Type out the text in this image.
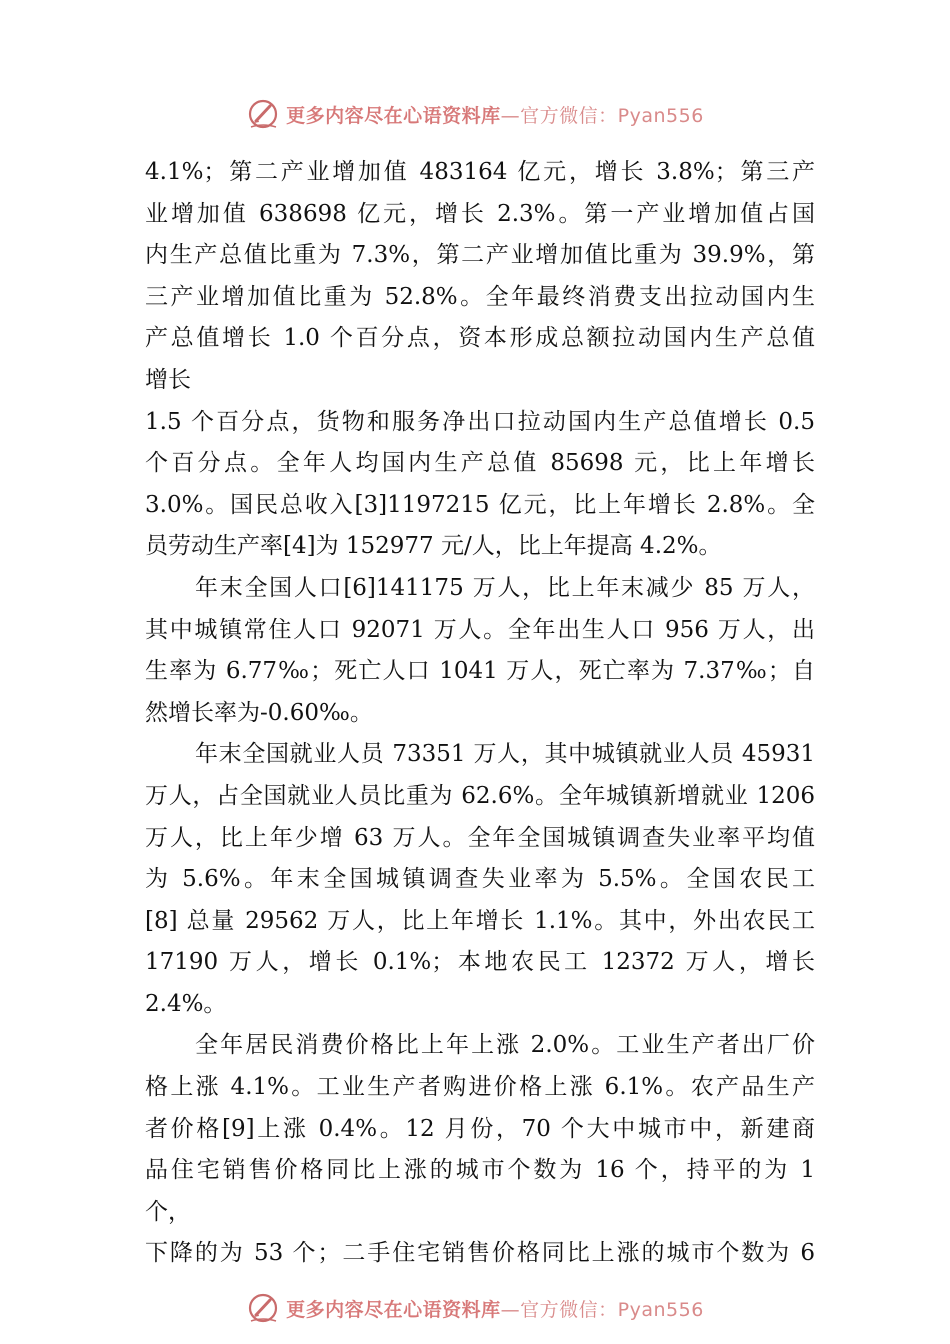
更多内容尽在心语资料库—官方微信：Pyan556
4.1%；第二产业增加值 483164 亿元，增长 3.8%；第三产
业增加值 638698 亿元，增长 2.3%。第一产业增加值占国
内生产总值比重为 7.3%，第二产业增加值比重为 39.9%，第
三产业增加值比重为 52.8%。全年最终消费支出拉动国内生
产总值增长 1.0 个百分点，资本形成总额拉动国内生产总值
增长
1.5 个百分点，货物和服务净出口拉动国内生产总值增长 0.5
个百分点。全年人均国内生产总值 85698 元，比上年增长
3.0%。国民总收入[3]1197215 亿元，比上年增长 2.8%。全
员劳动生产率[4]为 152977 元/人，比上年提高 4.2%。
年末全国人口[6]141175 万人，比上年末减少 85 万人，
其中城镇常住人口 92071 万人。全年出生人口 956 万人，出
生率为 6.77‰；死亡人口 1041 万人，死亡率为 7.37‰；自
然增长率为-0.60‰。
年末全国就业人员 73351 万人，其中城镇就业人员 45931
万人，占全国就业人员比重为 62.6%。全年城镇新增就业 1206
万人，比上年少增 63 万人。全年全国城镇调查失业率平均值
为 5.6%。年末全国城镇调查失业率为 5.5%。全国农民工
[8] 总量 29562 万人，比上年增长 1.1%。其中，外出农民工
17190 万人，增长 0.1%；本地农民工 12372 万人，增长
2.4%。
全年居民消费价格比上年上涨 2.0%。工业生产者出厂价
格上涨 4.1%。工业生产者购进价格上涨 6.1%。农产品生产
者价格[9]上涨 0.4%。12 月份，70 个大中城市中，新建商
品住宅销售价格同比上涨的城市个数为 16 个，持平的为 1
个，
下降的为 53 个；二手住宅销售价格同比上涨的城市个数为 6
更多内容尽在心语资料库—官方微信：Pyan556
